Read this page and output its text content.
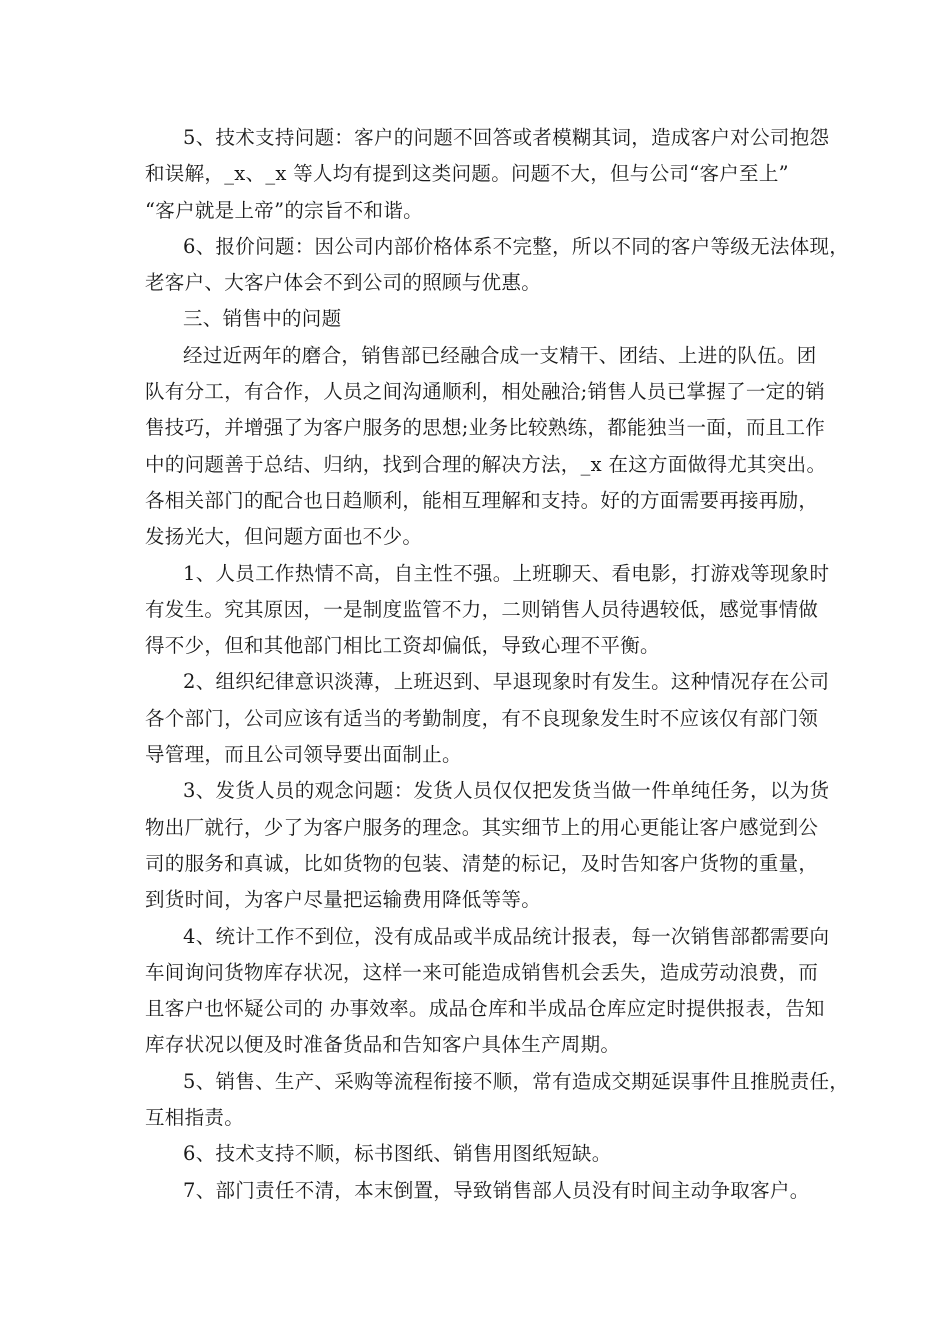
5、技术支持问题：客户的问题不回答或者模糊其词，造成客户对公司抱怨
和误解，_x、_x 等人均有提到这类问题。问题不大，但与公司“客户至上”
“客户就是上帝”的宗旨不和谐。
6、报价问题：因公司内部价格体系不完整，所以不同的客户等级无法体现，
老客户、大客户体会不到公司的照顾与优惠。
三、销售中的问题
经过近两年的磨合，销售部已经融合成一支精干、团结、上进的队伍。团
队有分工，有合作，人员之间沟通顺利，相处融洽;销售人员已掌握了一定的销
售技巧，并增强了为客户服务的思想;业务比较熟练，都能独当一面，而且工作
中的问题善于总结、归纳，找到合理的解决方法，_x 在这方面做得尤其突出。
各相关部门的配合也日趋顺利，能相互理解和支持。好的方面需要再接再励，
发扬光大，但问题方面也不少。
1、人员工作热情不高，自主性不强。上班聊天、看电影，打游戏等现象时
有发生。究其原因，一是制度监管不力，二则销售人员待遇较低，感觉事情做
得不少，但和其他部门相比工资却偏低，导致心理不平衡。
2、组织纪律意识淡薄，上班迟到、早退现象时有发生。这种情况存在公司
各个部门，公司应该有适当的考勤制度，有不良现象发生时不应该仅有部门领
导管理，而且公司领导要出面制止。
3、发货人员的观念问题：发货人员仅仅把发货当做一件单纯任务，以为货
物出厂就行，少了为客户服务的理念。其实细节上的用心更能让客户感觉到公
司的服务和真诚，比如货物的包装、清楚的标记，及时告知客户货物的重量，
到货时间，为客户尽量把运输费用降低等等。
4、统计工作不到位，没有成品或半成品统计报表，每一次销售部都需要向
车间询问货物库存状况，这样一来可能造成销售机会丢失，造成劳动浪费，而
且客户也怀疑公司的 办事效率。成品仓库和半成品仓库应定时提供报表，告知
库存状况以便及时准备货品和告知客户具体生产周期。
5、销售、生产、采购等流程衔接不顺，常有造成交期延误事件且推脱责任，
互相指责。
6、技术支持不顺，标书图纸、销售用图纸短缺。
7、部门责任不清，本末倒置，导致销售部人员没有时间主动争取客户。
